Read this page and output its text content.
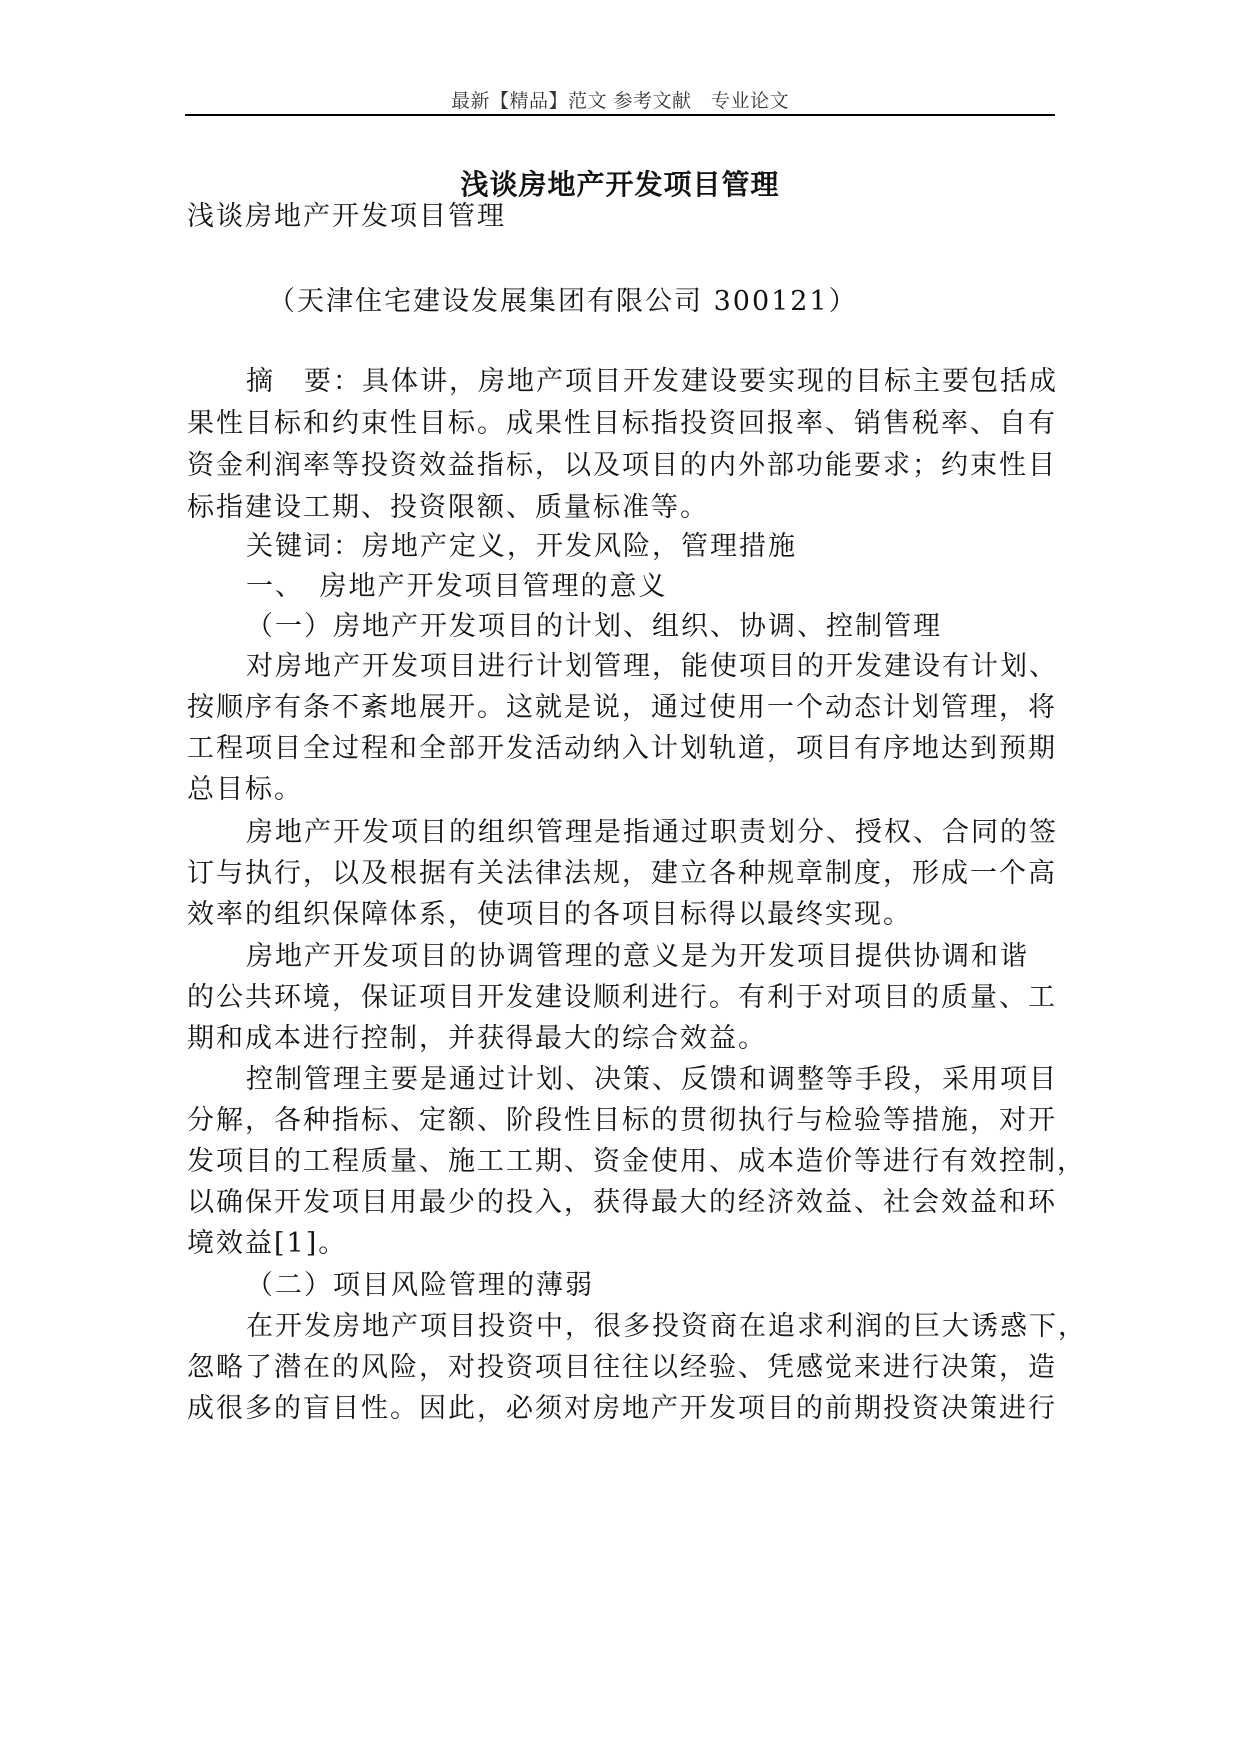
最新【精品】范文 参考文献　专业论文
浅谈房地产开发项目管理
浅谈房地产开发项目管理
（天津住宅建设发展集团有限公司 300121）
摘　要：具体讲，房地产项目开发建设要实现的目标主要包括成
果性目标和约束性目标。成果性目标指投资回报率、销售税率、自有
资金利润率等投资效益指标，以及项目的内外部功能要求；约束性目
标指建设工期、投资限额、质量标准等。
关键词：房地产定义，开发风险，管理措施
一、　房地产开发项目管理的意义
（一）房地产开发项目的计划、组织、协调、控制管理
对房地产开发项目进行计划管理，能使项目的开发建设有计划、
按顺序有条不紊地展开。这就是说，通过使用一个动态计划管理，将
工程项目全过程和全部开发活动纳入计划轨道，项目有序地达到预期
总目标。
房地产开发项目的组织管理是指通过职责划分、授权、合同的签
订与执行，以及根据有关法律法规，建立各种规章制度，形成一个高
效率的组织保障体系，使项目的各项目标得以最终实现。
房地产开发项目的协调管理的意义是为开发项目提供协调和谐
的公共环境，保证项目开发建设顺利进行。有利于对项目的质量、工
期和成本进行控制，并获得最大的综合效益。
控制管理主要是通过计划、决策、反馈和调整等手段，采用项目
分解，各种指标、定额、阶段性目标的贯彻执行与检验等措施，对开
发项目的工程质量、施工工期、资金使用、成本造价等进行有效控制，
以确保开发项目用最少的投入，获得最大的经济效益、社会效益和环
境效益[1]。
（二）项目风险管理的薄弱
在开发房地产项目投资中，很多投资商在追求利润的巨大诱惑下，
忽略了潜在的风险，对投资项目往往以经验、凭感觉来进行决策，造
成很多的盲目性。因此，必须对房地产开发项目的前期投资决策进行
